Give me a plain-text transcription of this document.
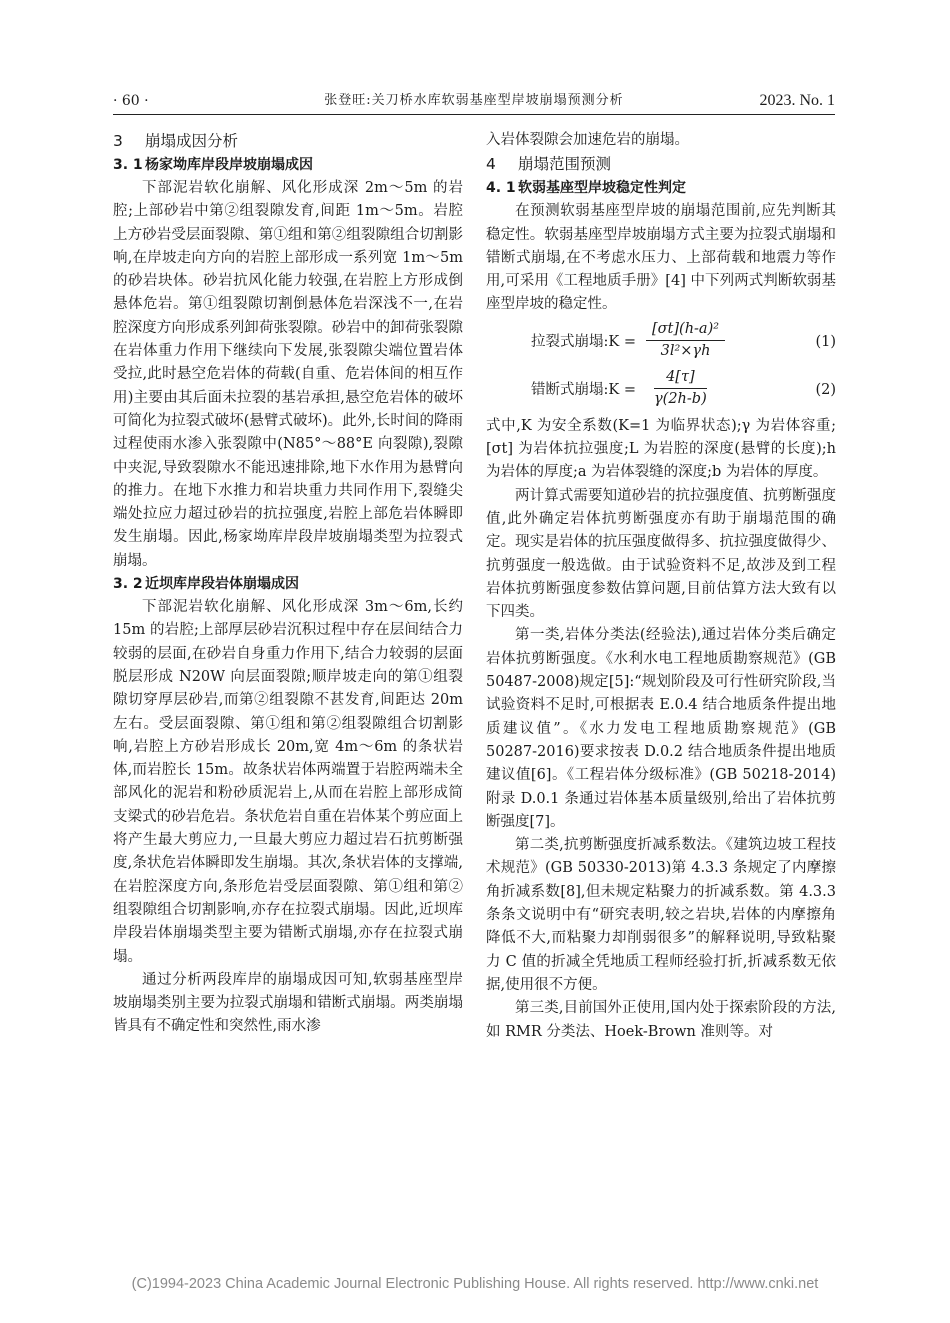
· 60 ·	张登旺:关刀桥水库软弱基座型岸坡崩塌预测分析	2023. No. 1
3 崩塌成因分析
3. 1 杨家坳库岸段岸坡崩塌成因

下部泥岩软化崩解、风化形成深 2m～5m 的岩腔;上部砂岩中第②组裂隙发育,间距 1m～5m。岩腔上方砂岩受层面裂隙、第①组和第②组裂隙组合切割影响,在岸坡走向方向的岩腔上部形成一系列宽 1m～5m 的砂岩块体。砂岩抗风化能力较强,在岩腔上方形成倒悬体危岩。第①组裂隙切割倒悬体危岩深浅不一,在岩腔深度方向形成系列卸荷张裂隙。砂岩中的卸荷张裂隙在岩体重力作用下继续向下发展,张裂隙尖端位置岩体受拉,此时悬空危岩体的荷载(自重、危岩体间的相互作用)主要由其后面未拉裂的基岩承担,悬空危岩体的破坏可简化为拉裂式破坏(悬臂式破坏)。此外,长时间的降雨过程使雨水渗入张裂隙中(N85°～88°E 向裂隙),裂隙中夹泥,导致裂隙水不能迅速排除,地下水作用为悬臂向的推力。在地下水推力和岩块重力共同作用下,裂缝尖端处拉应力超过砂岩的抗拉强度,岩腔上部危岩体瞬即发生崩塌。因此,杨家坳库岸段岸坡崩塌类型为拉裂式崩塌。

3. 2 近坝库岸段岩体崩塌成因

下部泥岩软化崩解、风化形成深 3m～6m,长约 15m 的岩腔;上部厚层砂岩沉积过程中存在层间结合力较弱的层面,在砂岩自身重力作用下,结合力较弱的层面脱层形成 N20W 向层面裂隙;顺岸坡走向的第①组裂隙切穿厚层砂岩,而第②组裂隙不甚发育,间距达 20m 左右。受层面裂隙、第①组和第②组裂隙组合切割影响,岩腔上方砂岩形成长 20m,宽 4m～6m 的条状岩体,而岩腔长 15m。故条状岩体两端置于岩腔两端未全部风化的泥岩和粉砂质泥岩上,从而在岩腔上部形成简支梁式的砂岩危岩。条状危岩自重在岩体某个剪应面上将产生最大剪应力,一旦最大剪应力超过岩石抗剪断强度,条状危岩体瞬即发生崩塌。其次,条状岩体的支撑端,在岩腔深度方向,条形危岩受层面裂隙、第①组和第②组裂隙组合切割影响,亦存在拉裂式崩塌。因此,近坝库岸段岩体崩塌类型主要为错断式崩塌,亦存在拉裂式崩塌。

通过分析两段库岸的崩塌成因可知,软弱基座型岸坡崩塌类别主要为拉裂式崩塌和错断式崩塌。两类崩塌皆具有不确定性和突然性,雨水渗

入岩体裂隙会加速危岩的崩塌。

4 崩塌范围预测
4. 1 软弱基座型岸坡稳定性判定

在预测软弱基座型岸坡的崩塌范围前,应先判断其稳定性。软弱基座型岸坡崩塌方式主要为拉裂式崩塌和错断式崩塌,在不考虑水压力、上部荷载和地震力等作用,可采用《工程地质手册》[4] 中下列两式判断软弱基座型岸坡的稳定性。

拉裂式崩塌:K = $\frac{\text{[σt](h-a)²}}{\text{3l²×γh}}$	(1)
错断式崩塌:K = $\frac{4[\tau]}{\gamma(2h-b)}$	(2)

式中,K 为安全系数(K=1 为临界状态);γ 为岩体容重;[σt] 为岩体抗拉强度;L 为岩腔的深度(悬臂的长度);h 为岩体的厚度;a 为岩体裂缝的深度;b 为岩体的厚度。

两计算式需要知道砂岩的抗拉强度值、抗剪断强度值,此外确定岩体抗剪断强度亦有助于崩塌范围的确定。现实是岩体的抗压强度做得多、抗拉强度做得少、抗剪强度一般选做。由于试验资料不足,故涉及到工程岩体抗剪断强度参数估算问题,目前估算方法大致有以下四类。

第一类,岩体分类法(经验法),通过岩体分类后确定岩体抗剪断强度。《水利水电工程地质勘察规范》(GB 50487-2008)规定[5]:“规划阶段及可行性研究阶段,当试验资料不足时,可根据表 E.0.4 结合地质条件提出地质建议值”。《水力发电工程地质勘察规范》(GB 50287-2016)要求按表 D.0.2 结合地质条件提出地质建议值[6]。《工程岩体分级标准》(GB 50218-2014)附录 D.0.1 条通过岩体基本质量级别,给出了岩体抗剪断强度[7]。

第二类,抗剪断强度折减系数法。《建筑边坡工程技术规范》(GB 50330-2013)第 4.3.3 条规定了内摩擦角折减系数[8],但未规定粘聚力的折减系数。第 4.3.3 条条文说明中有“研究表明,较之岩块,岩体的内摩擦角降低不大,而粘聚力却削弱很多”的解释说明,导致粘聚力 C 值的折减全凭地质工程师经验打折,折减系数无依据,使用很不方便。

第三类,目前国外正使用,国内处于探索阶段的方法,如 RMR 分类法、Hoek-Brown 准则等。对

(C)1994-2023 China Academic Journal Electronic Publishing House. All rights reserved. http://www.cnki.net
